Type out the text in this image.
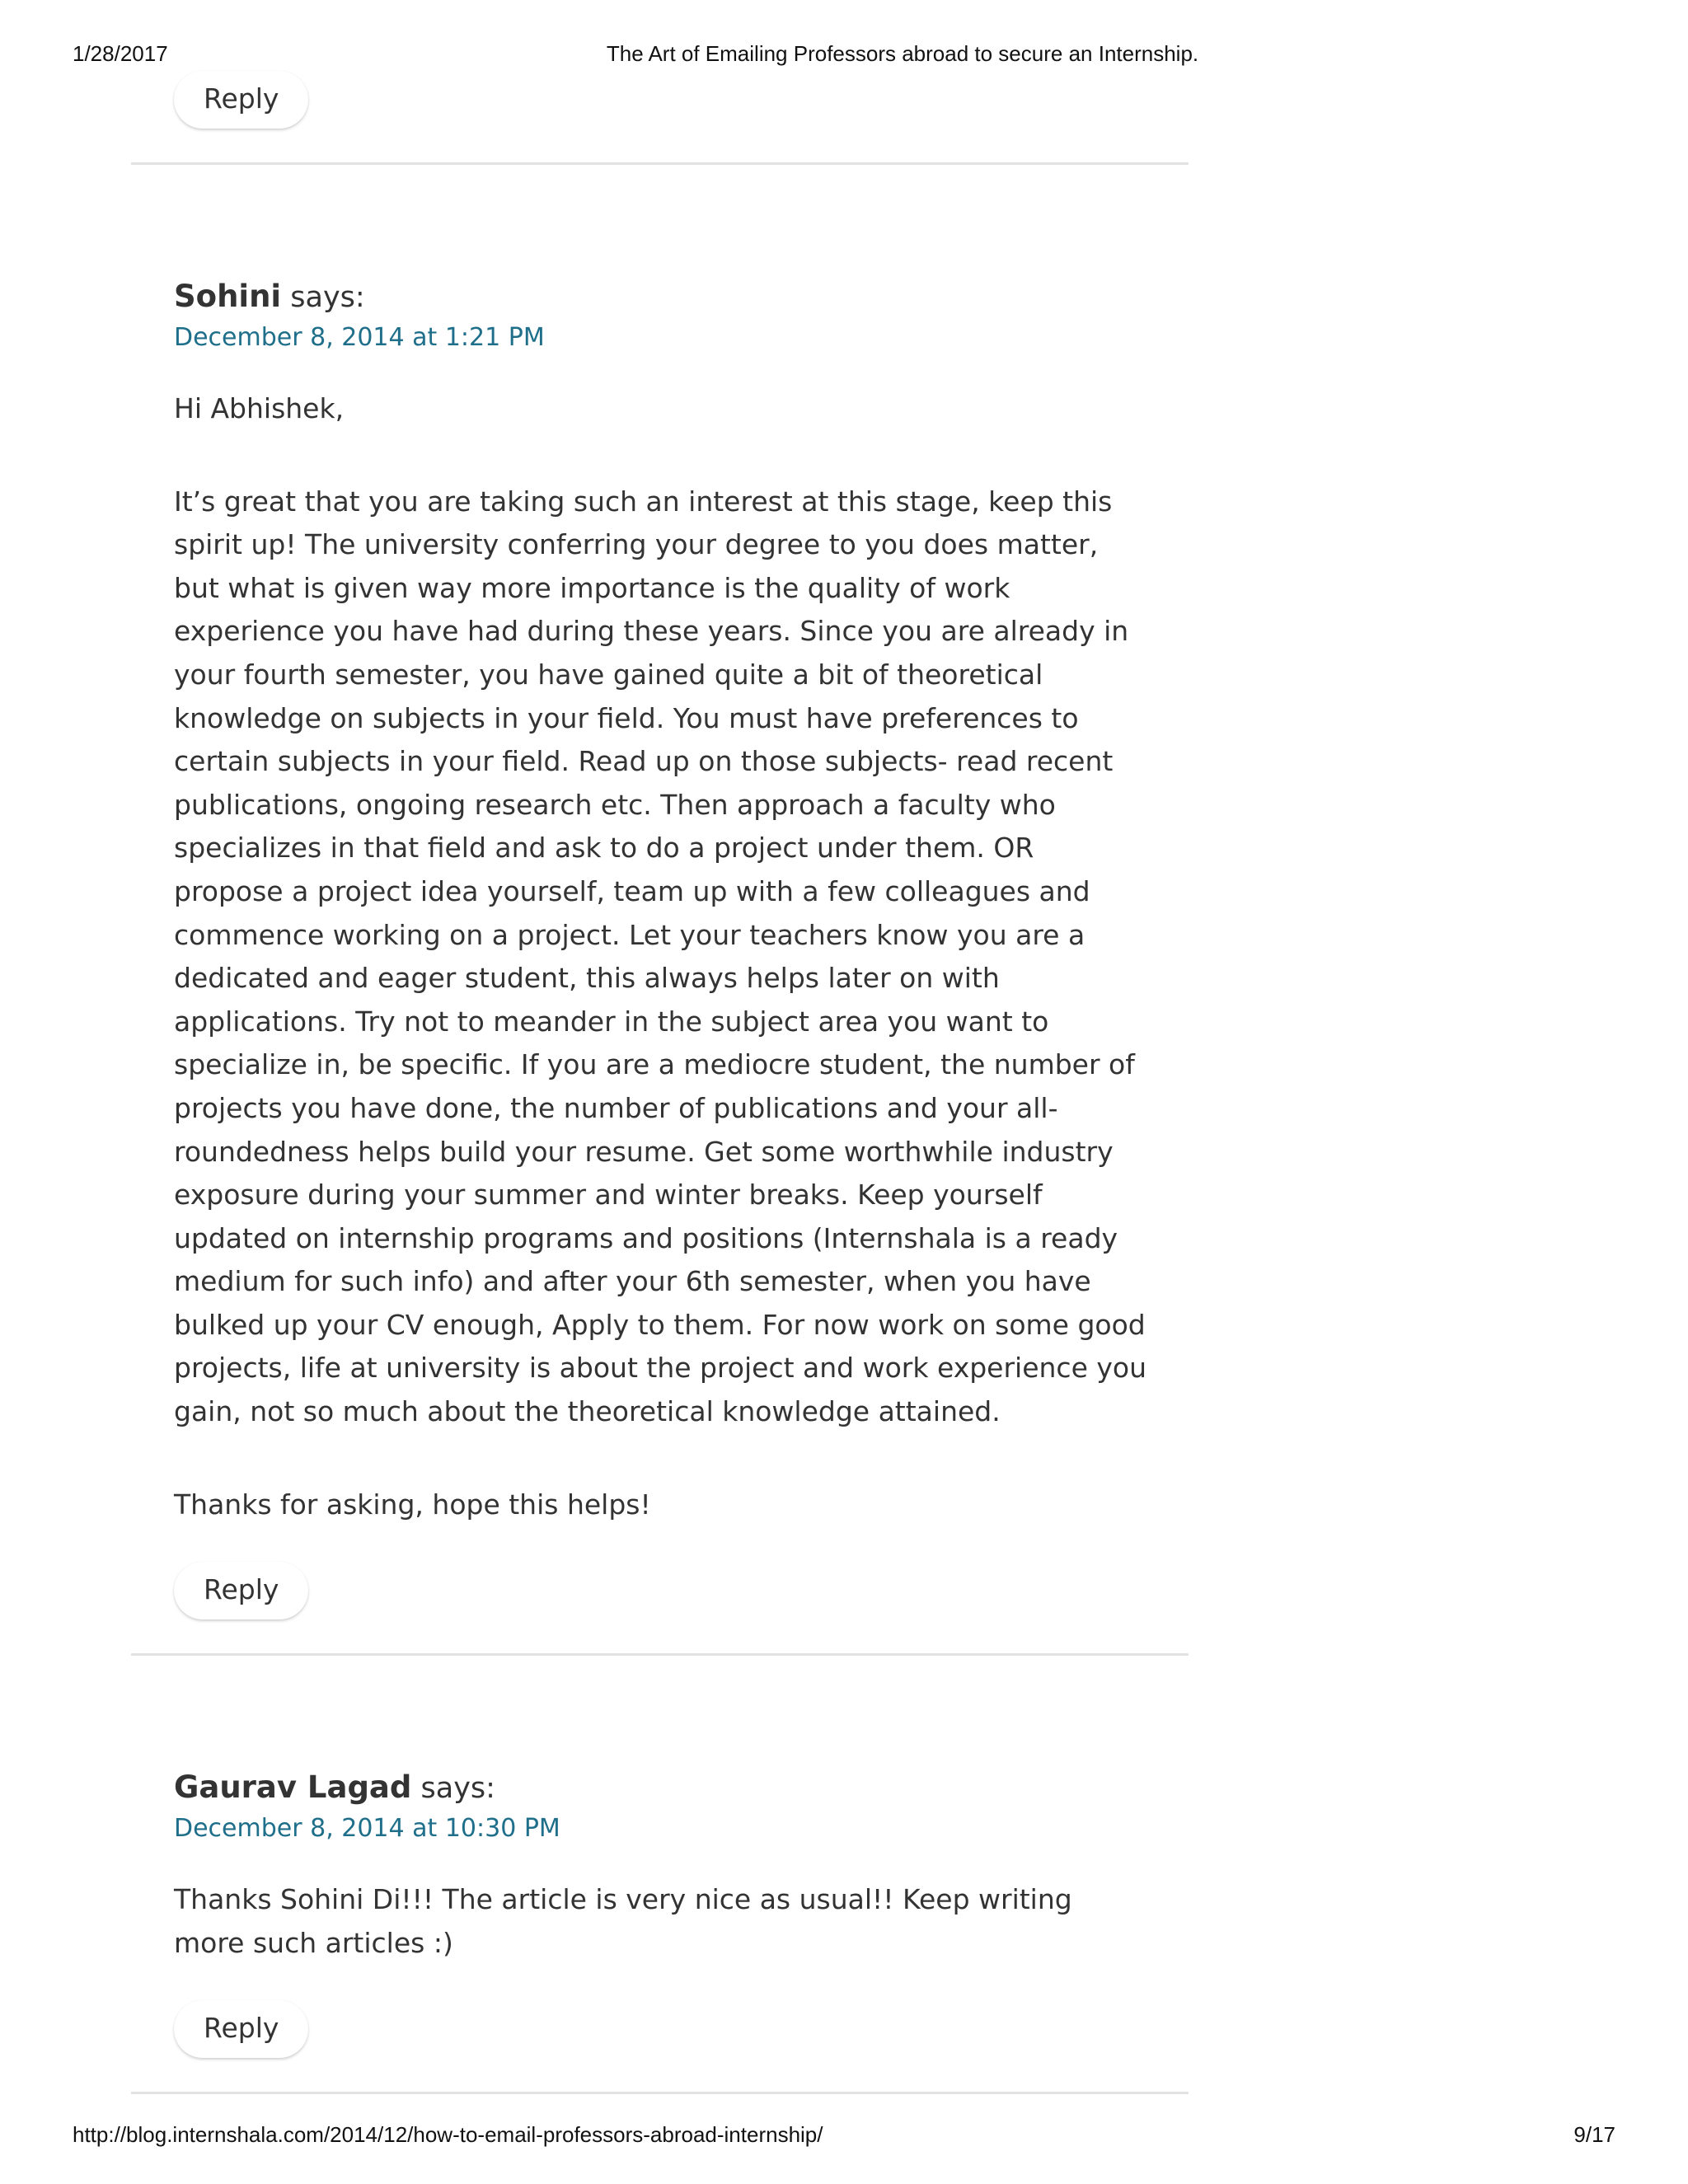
1/28/2017	The Art of Emailing Professors abroad to secure an Internship.
Reply
Sohini says:
December 8, 2014 at 1:21 PM

Hi Abhishek,

It’s great that you are taking such an interest at this stage, keep this spirit up! The university conferring your degree to you does matter, but what is given way more importance is the quality of work experience you have had during these years. Since you are already in your fourth semester, you have gained quite a bit of theoretical knowledge on subjects in your field. You must have preferences to certain subjects in your field. Read up on those subjects- read recent publications, ongoing research etc. Then approach a faculty who specializes in that field and ask to do a project under them. OR propose a project idea yourself, team up with a few colleagues and commence working on a project. Let your teachers know you are a dedicated and eager student, this always helps later on with applications. Try not to meander in the subject area you want to specialize in, be specific. If you are a mediocre student, the number of projects you have done, the number of publications and your all-roundedness helps build your resume. Get some worthwhile industry exposure during your summer and winter breaks. Keep yourself updated on internship programs and positions (Internshala is a ready medium for such info) and after your 6th semester, when you have bulked up your CV enough, Apply to them. For now work on some good projects, life at university is about the project and work experience you gain, not so much about the theoretical knowledge attained.

Thanks for asking, hope this helps!

Reply
Gaurav Lagad says:
December 8, 2014 at 10:30 PM

Thanks Sohini Di!!! The article is very nice as usual!! Keep writing more such articles :)

Reply
http://blog.internshala.com/2014/12/how-to-email-professors-abroad-internship/	9/17
